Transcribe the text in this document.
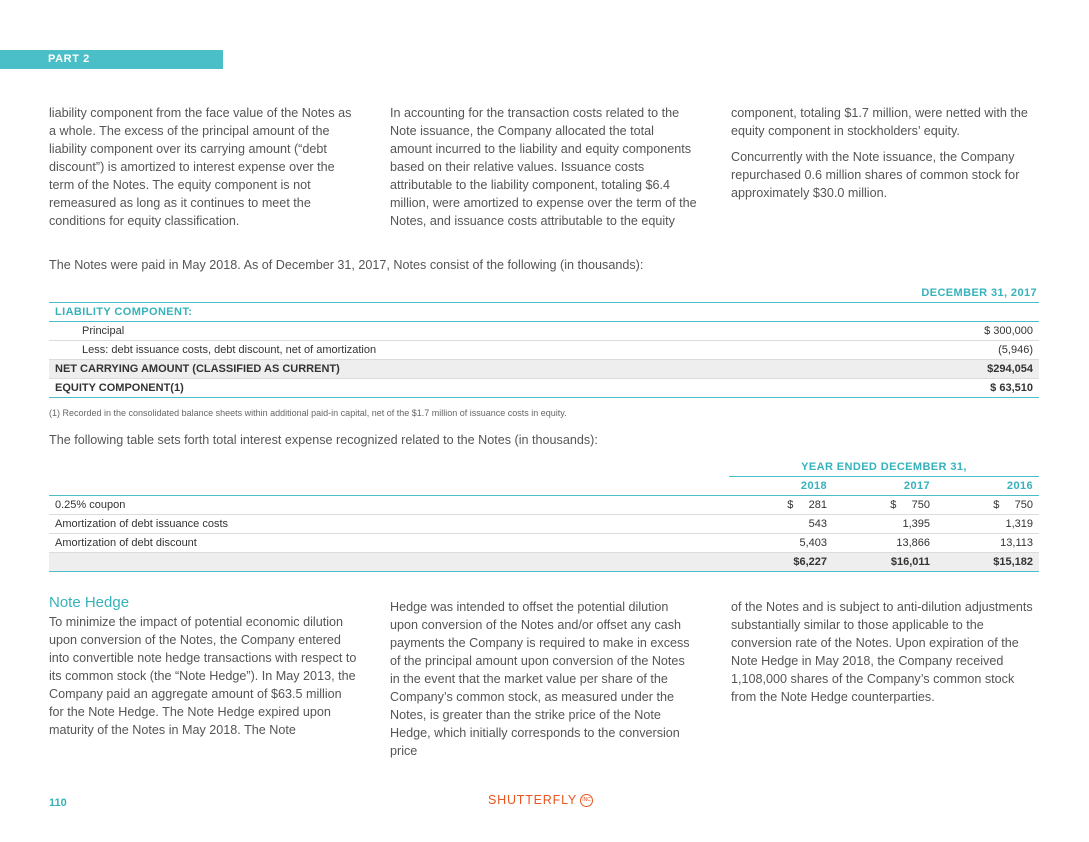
PART 2

liability component from the face value of the Notes as a whole. The excess of the principal amount of the liability component over its carrying amount (“debt discount”) is amortized to interest expense over the term of the Notes. The equity component is not remeasured as long as it continues to meet the conditions for equity classification.

In accounting for the transaction costs related to the Note issuance, the Company allocated the total amount incurred to the liability and equity components based on their relative values. Issuance costs attributable to the liability component, totaling $6.4 million, were amortized to expense over the term of the Notes, and issuance costs attributable to the equity

component, totaling $1.7 million, were netted with the equity component in stockholders’ equity.

Concurrently with the Note issuance, the Company repurchased 0.6 million shares of common stock for approximately $30.0 million.

The Notes were paid in May 2018. As of December 31, 2017, Notes consist of the following (in thousands):
	DECEMBER 31, 2017
LIABILITY COMPONENT:	
Principal	$ 300,000
Less: debt issuance costs, debt discount, net of amortization	(5,946)
NET CARRYING AMOUNT (CLASSIFIED AS CURRENT)	$294,054
EQUITY COMPONENT(1)	$ 63,510
(1) Recorded in the consolidated balance sheets within additional paid-in capital, net of the $1.7 million of issuance costs in equity.
The following table sets forth total interest expense recognized related to the Notes (in thousands):
	YEAR ENDED DECEMBER 31,		
	2018	2017	2016
0.25% coupon	$     281	$     750	$     750
Amortization of debt issuance costs	543	1,395	1,319
Amortization of debt discount	5,403	13,866	13,113
	$6,227	$16,011	$15,182
Note Hedge

To minimize the impact of potential economic dilution upon conversion of the Notes, the Company entered into convertible note hedge transactions with respect to its common stock (the “Note Hedge”). In May 2013, the Company paid an aggregate amount of $63.5 million for the Note Hedge. The Note Hedge expired upon maturity of the Notes in May 2018. The Note

Hedge was intended to offset the potential dilution upon conversion of the Notes and/or offset any cash payments the Company is required to make in excess of the principal amount upon conversion of the Notes in the event that the market value per share of the Company’s common stock, as measured under the Notes, is greater than the strike price of the Note Hedge, which initially corresponds to the conversion price

of the Notes and is subject to anti-dilution adjustments substantially similar to those applicable to the conversion rate of the Notes. Upon expiration of the Note Hedge in May 2018, the Company received 1,108,000 shares of the Company’s common stock from the Note Hedge counterparties.

110	SHUTTERFLY	INC
